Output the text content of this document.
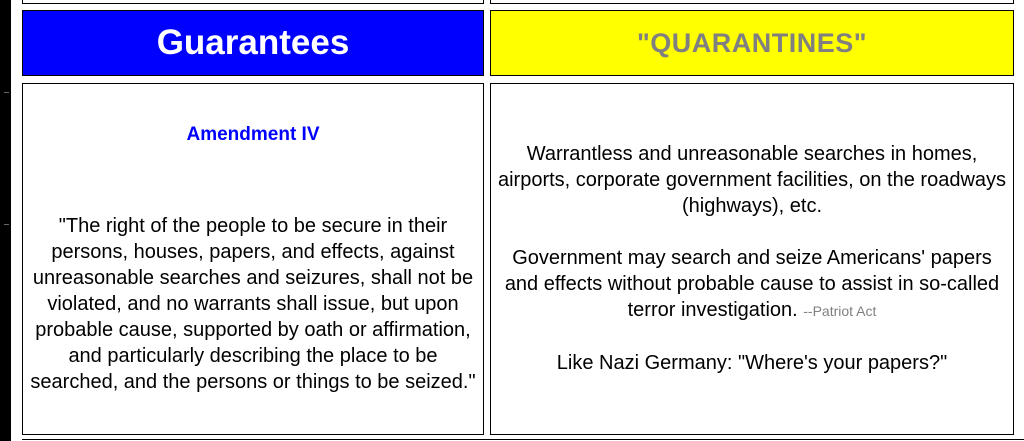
Guarantees	"QUARANTINES"
Amendment IV
"The right of the people to be secure in their persons, houses, papers, and effects, against unreasonable searches and seizures, shall not be violated, and no warrants shall issue, but upon probable cause, supported by oath or affirmation, and particularly describing the place to be searched, and the persons or things to be seized."

Warrantless and unreasonable searches in homes, airports, corporate government facilities, on the roadways (highways), etc.

Government may search and seize Americans' papers and effects without probable cause to assist in so-called terror investigation. --Patriot Act

Like Nazi Germany: "Where's your papers?"
